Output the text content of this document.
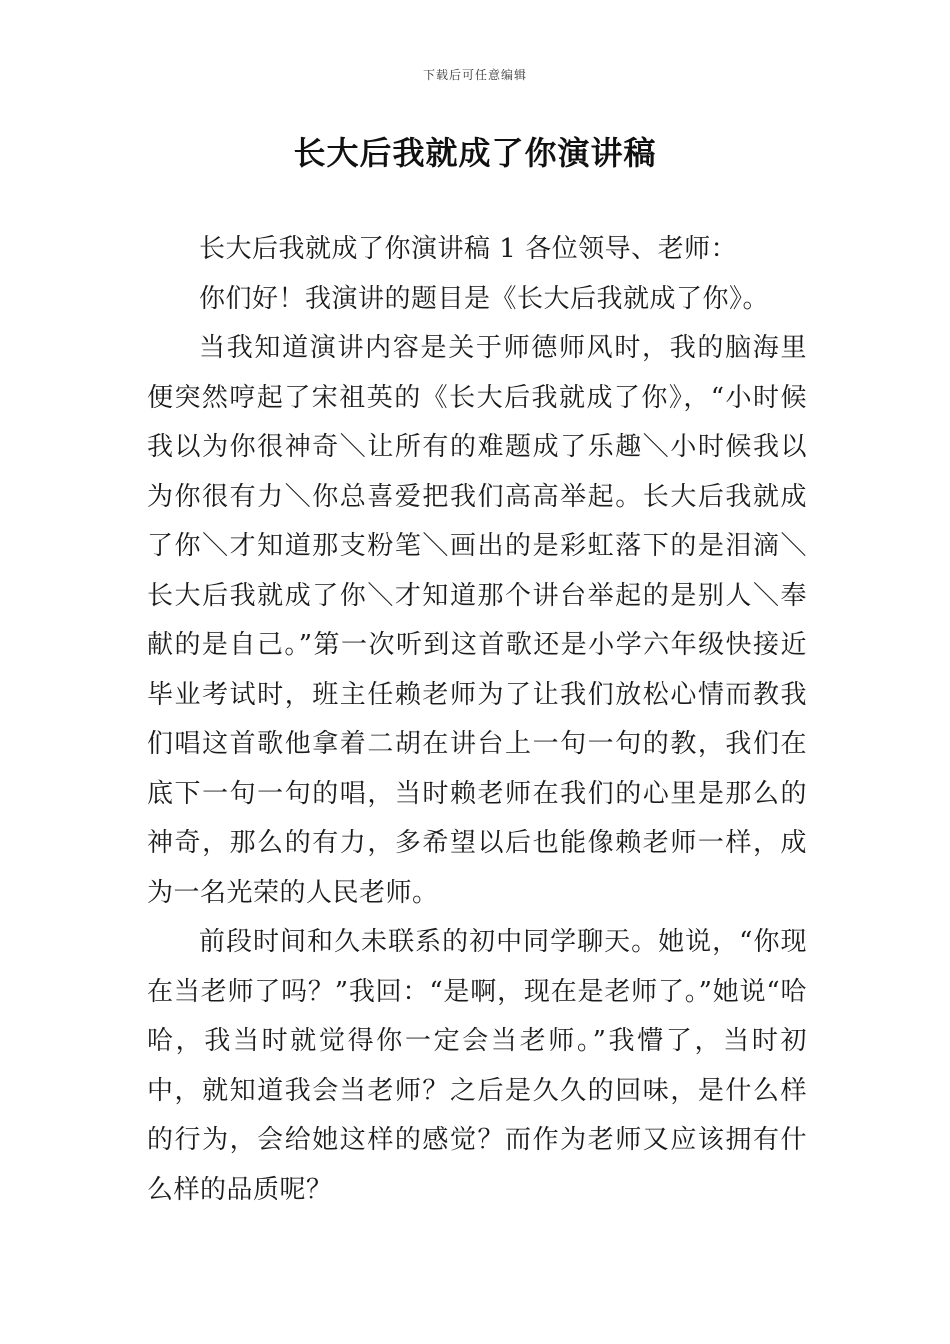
下载后可任意编辑
长大后我就成了你演讲稿

长大后我就成了你演讲稿 1 各位领导、老师：

你们好！我演讲的题目是《长大后我就成了你》。

当我知道演讲内容是关于师德师风时，我的脑海里便突然哼起了宋祖英的《长大后我就成了你》，“小时候我以为你很神奇＼让所有的难题成了乐趣＼小时候我以为你很有力＼你总喜爱把我们高高举起。长大后我就成了你＼才知道那支粉笔＼画出的是彩虹落下的是泪滴＼长大后我就成了你＼才知道那个讲台举起的是别人＼奉献的是自己。”第一次听到这首歌还是小学六年级快接近毕业考试时，班主任赖老师为了让我们放松心情而教我们唱这首歌他拿着二胡在讲台上一句一句的教，我们在底下一句一句的唱，当时赖老师在我们的心里是那么的神奇，那么的有力，多希望以后也能像赖老师一样，成为一名光荣的人民老师。

前段时间和久未联系的初中同学聊天。她说，“你现在当老师了吗？”我回：“是啊，现在是老师了。”她说“哈哈，我当时就觉得你一定会当老师。”我懵了，当时初中，就知道我会当老师？之后是久久的回味，是什么样的行为，会给她这样的感觉？而作为老师又应该拥有什么样的品质呢？
